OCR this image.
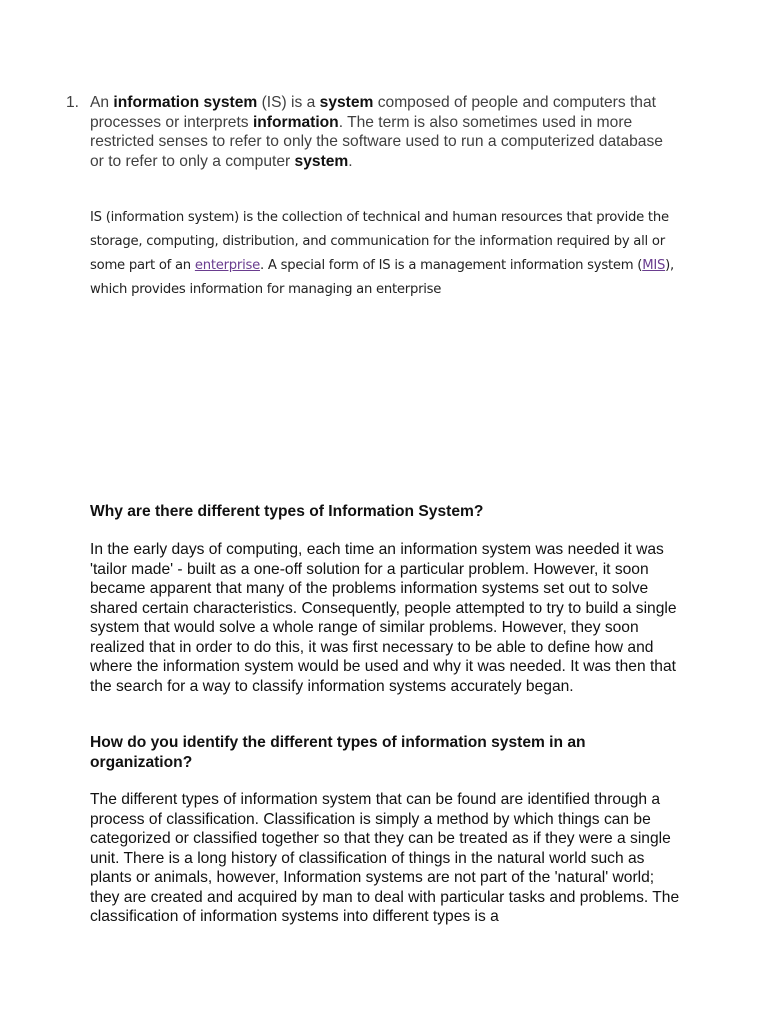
1. An information system (IS) is a system composed of people and computers that processes or interprets information. The term is also sometimes used in more restricted senses to refer to only the software used to run a computerized database or to refer to only a computer system.
IS (information system) is the collection of technical and human resources that provide the storage, computing, distribution, and communication for the information required by all or some part of an enterprise. A special form of IS is a management information system (MIS), which provides information for managing an enterprise
Why are there different types of Information System?
In the early days of computing, each time an information system was needed it was 'tailor made' - built as a one-off solution for a particular problem. However, it soon became apparent that many of the problems information systems set out to solve shared certain characteristics. Consequently, people attempted to try to build a single system that would solve a whole range of similar problems. However, they soon realized that in order to do this, it was first necessary to be able to define how and where the information system would be used and why it was needed. It was then that the search for a way to classify information systems accurately began.
How do you identify the different types of information system in an organization?
The different types of information system that can be found are identified through a process of classification. Classification is simply a method by which things can be categorized or classified together so that they can be treated as if they were a single unit. There is a long history of classification of things in the natural world such as plants or animals, however, Information systems are not part of the 'natural' world; they are created and acquired by man to deal with particular tasks and problems. The classification of information systems into different types is a
